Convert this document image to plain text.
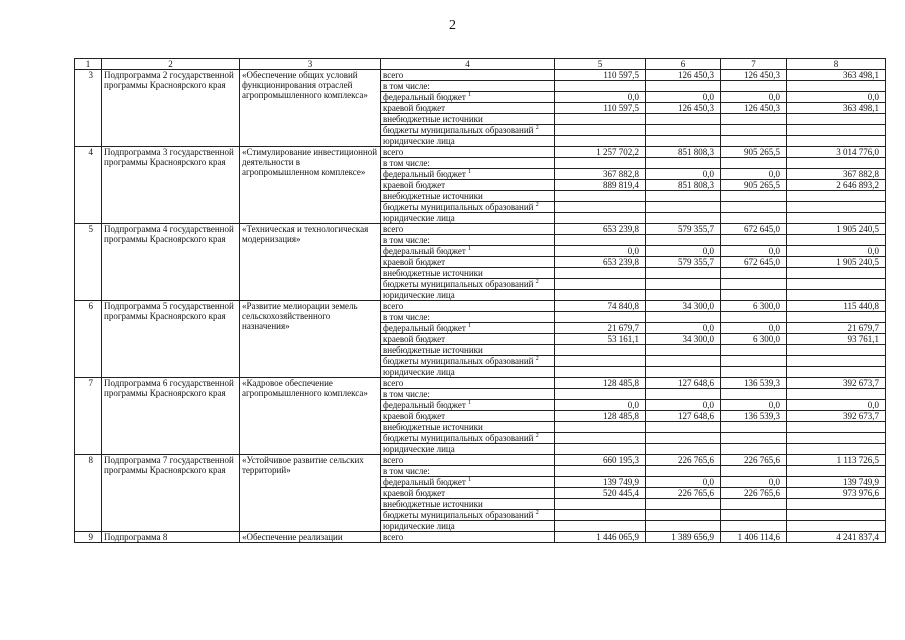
2
1	2	3	4	5	6	7	8
3	Подпрограмма 2 государственной программы Красноярского края	«Обеспечение общих условий функционирования отраслей агропромышленного комплекса»	всего	110 597,5	126 450,3	126 450,3	363 498,1
			в том числе:				
			федеральный бюджет $^1$	0,0	0,0	0,0	0,0
			краевой бюджет	110 597,5	126 450,3	126 450,3	363 498,1
			внебюджетные источники				
			бюджеты муниципальных образований $^2$				
			юридические лица				
4	Подпрограмма 3 государственной программы Красноярского края	«Стимулирование инвестиционной деятельности в агропромышленном комплексе»	всего	1 257 702,2	851 808,3	905 265,5	3 014 776,0
			в том числе:				
			федеральный бюджет $^1$	367 882,8	0,0	0,0	367 882,8
			краевой бюджет	889 819,4	851 808,3	905 265,5	2 646 893,2
			внебюджетные источники				
			бюджеты муниципальных образований $^2$				
			юридические лица				
5	Подпрограмма 4 государственной программы Красноярского края	«Техническая и технологическая модернизация»	всего	653 239,8	579 355,7	672 645,0	1 905 240,5
			в том числе:				
			федеральный бюджет $^1$	0,0	0,0	0,0	0,0
			краевой бюджет	653 239,8	579 355,7	672 645,0	1 905 240,5
			внебюджетные источники				
			бюджеты муниципальных образований $^2$				
			юридические лица				
6	Подпрограмма 5 государственной программы Красноярского края	«Развитие мелиорации земель сельскохозяйственного назначения»	всего	74 840,8	34 300,0	6 300,0	115 440,8
			в том числе:				
			федеральный бюджет $^1$	21 679,7	0,0	0,0	21 679,7
			краевой бюджет	53 161,1	34 300,0	6 300,0	93 761,1
			внебюджетные источники				
			бюджеты муниципальных образований $^2$				
			юридические лица				
7	Подпрограмма 6 государственной программы Красноярского края	«Кадровое обеспечение агропромышленного комплекса»	всего	128 485,8	127 648,6	136 539,3	392 673,7
			в том числе:				
			федеральный бюджет $^1$	0,0	0,0	0,0	0,0
			краевой бюджет	128 485,8	127 648,6	136 539,3	392 673,7
			внебюджетные источники				
			бюджеты муниципальных образований $^2$				
			юридические лица				
8	Подпрограмма 7 государственной программы Красноярского края	«Устойчивое развитие сельских территорий»	всего	660 195,3	226 765,6	226 765,6	1 113 726,5
			в том числе:				
			федеральный бюджет $^1$	139 749,9	0,0	0,0	139 749,9
			краевой бюджет	520 445,4	226 765,6	226 765,6	973 976,6
			внебюджетные источники				
			бюджеты муниципальных образований $^2$				
			юридические лица				
9	Подпрограмма 8	«Обеспечение реализации	всего	1 446 065,9	1 389 656,9	1 406 114,6	4 241 837,4
